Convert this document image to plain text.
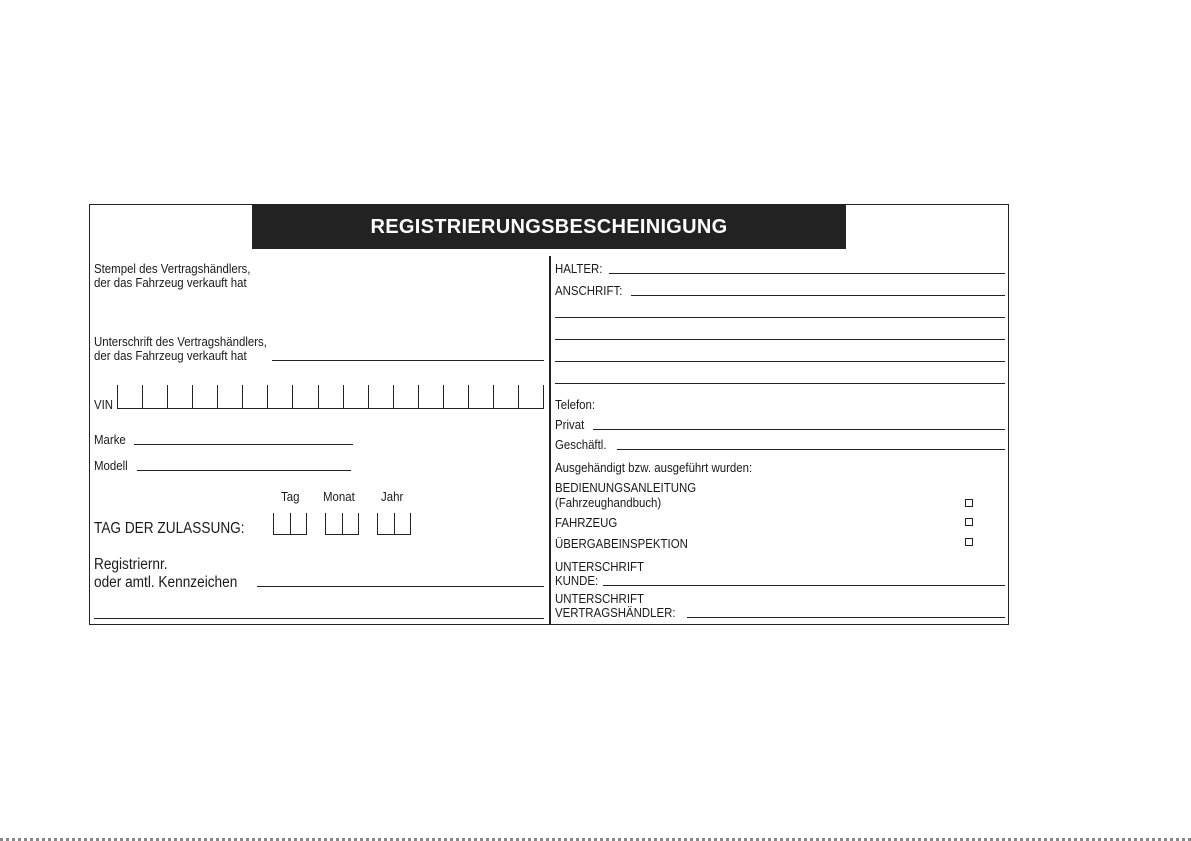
REGISTRIERUNGSBESCHEINIGUNG
Stempel des Vertragshändlers,
der das Fahrzeug verkauft hat
Unterschrift des Vertragshändlers,
der das Fahrzeug verkauft hat
VIN
Marke
Modell
Tag Monat Jahr
TAG DER ZULASSUNG:
Registriernr.
oder amtl. Kennzeichen
HALTER:
ANSCHRIFT:
Telefon:
Privat
Geschäftl.
Ausgehändigt bzw. ausgeführt wurden:
BEDIENUNGSANLEITUNG
(Fahrzeughandbuch)
FAHRZEUG
ÜBERGABEINSPEKTION
UNTERSCHRIFT
KUNDE:
UNTERSCHRIFT
VERTRAGSHÄNDLER:
